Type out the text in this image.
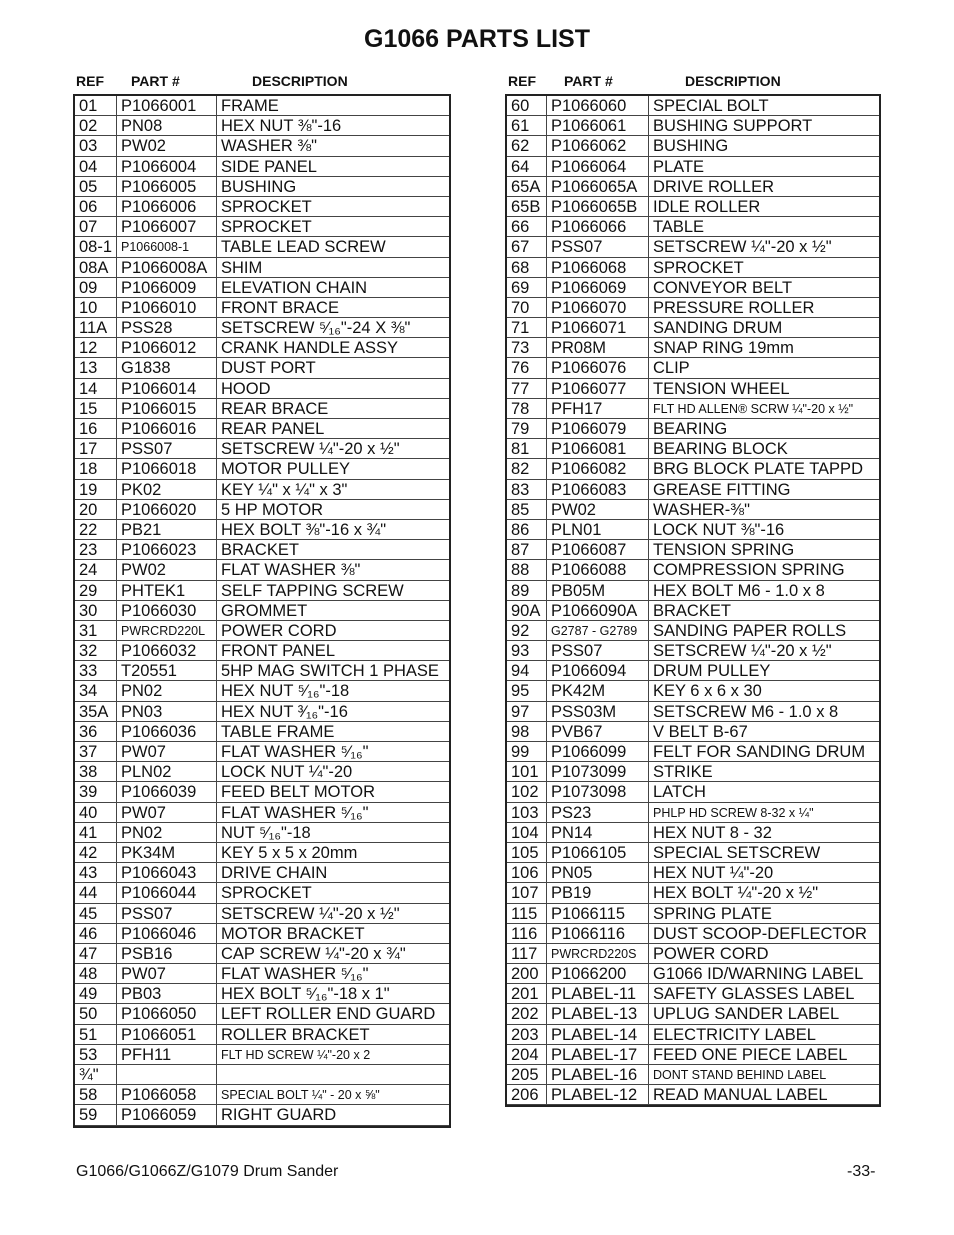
G1066 PARTS LIST
REF PART #	DESCRIPTION	REF PART #	DESCRIPTION
01	P1066001	FRAME
02	PN08	HEX NUT ⅜"-16
03	PW02	WASHER ⅜"
04	P1066004	SIDE PANEL
05	P1066005	BUSHING
06	P1066006	SPROCKET
07	P1066007	SPROCKET
08-1 P1066008-1	TABLE LEAD SCREW
08A P1066008A SHIM
09	P1066009	ELEVATION CHAIN
10	P1066010	FRONT BRACE
11A PSS28	SETSCREW ⁵⁄₁₆"-24 X ⅜"
12	P1066012	CRANK HANDLE ASSY
13	G1838	DUST PORT
14	P1066014	HOOD
15	P1066015	REAR BRACE
16	P1066016	REAR PANEL
17	PSS07	SETSCREW ¼"-20 x ½"
18	P1066018	MOTOR PULLEY
19	PK02	KEY ¼" x ¼" x 3"
20	P1066020	5 HP MOTOR
22	PB21	HEX BOLT ⅜"-16 x ¾"
23	P1066023	BRACKET
24	PW02	FLAT WASHER ⅜"
29	PHTEK1	SELF TAPPING SCREW
30	P1066030	GROMMET
31	PWRCRD220L POWER CORD
32	P1066032	FRONT PANEL
33	T20551	5HP MAG SWITCH 1 PHASE
34	PN02	HEX NUT ⁵⁄₁₆"-18
35A PN03	HEX NUT ³⁄₁₆"-16
36	P1066036	TABLE FRAME
37	PW07	FLAT WASHER ⁵⁄₁₆"
38	PLN02	LOCK NUT ¼"-20
39	P1066039	FEED BELT MOTOR
40	PW07	FLAT WASHER ⁵⁄₁₆"
41	PN02	NUT ⁵⁄₁₆"-18
42	PK34M	KEY 5 x 5 x 20mm
43	P1066043	DRIVE CHAIN
44	P1066044	SPROCKET
45	PSS07	SETSCREW ¼"-20 x ½"
46	P1066046	MOTOR BRACKET
47	PSB16	CAP SCREW ¼"-20 x ¾"
48	PW07	FLAT WASHER ⁵⁄₁₆"
49	PB03	HEX BOLT ⁵⁄₁₆"-18 x 1"
50	P1066050	LEFT ROLLER END GUARD
51	P1066051	ROLLER BRACKET
53	PFH11	FLT HD SCREW ¼"-20 x 2
¾"
58	P1066058	SPECIAL BOLT ¼" - 20 x ⅝"
59	P1066059	RIGHT GUARD
60	P1066060	SPECIAL BOLT
61	P1066061	BUSHING SUPPORT
62	P1066062	BUSHING
64	P1066064	PLATE
65A P1066065A DRIVE ROLLER
65B P1066065B IDLE ROLLER
66	P1066066	TABLE
67	PSS07	SETSCREW ¼"-20 x ½"
68	P1066068	SPROCKET
69	P1066069	CONVEYOR BELT
70	P1066070	PRESSURE ROLLER
71	P1066071	SANDING DRUM
73	PR08M	SNAP RING 19mm
76	P1066076	CLIP
77	P1066077	TENSION WHEEL
78	PFH17	FLT HD ALLEN® SCRW ¼"-20 x ½"
79	P1066079	BEARING
81	P1066081	BEARING BLOCK
82	P1066082	BRG BLOCK PLATE TAPPD
83	P1066083	GREASE FITTING
85	PW02	WASHER-⅜"
86	PLN01	LOCK NUT ⅜"-16
87	P1066087	TENSION SPRING
88	P1066088	COMPRESSION SPRING
89	PB05M	HEX BOLT M6 - 1.0 x 8
90A P1066090A BRACKET
92	G2787 - G2789 SANDING PAPER ROLLS
93	PSS07	SETSCREW ¼"-20 x ½"
94	P1066094	DRUM PULLEY
95	PK42M	KEY 6 x 6 x 30
97	PSS03M	SETSCREW M6 - 1.0 x 8
98	PVB67	V BELT B-67
99	P1066099	FELT FOR SANDING DRUM
101 P1073099	STRIKE
102 P1073098	LATCH
103 PS23	PHLP HD SCREW 8-32 x ¼"
104 PN14	HEX NUT 8 - 32
105 P1066105	SPECIAL SETSCREW
106 PN05	HEX NUT ¼"-20
107 PB19	HEX BOLT ¼"-20 x ½"
115 P1066115	SPRING PLATE
116 P1066116	DUST SCOOP-DEFLECTOR
117	PWRCRD220S	POWER CORD
200 P1066200	G1066 ID/WARNING LABEL
201 PLABEL-11	SAFETY GLASSES LABEL
202 PLABEL-13 UPLUG SANDER LABEL
203 PLABEL-14 ELECTRICITY LABEL
204 PLABEL-17 FEED ONE PIECE LABEL
205 PLABEL-16	DONT STAND BEHIND LABEL
206 PLABEL-12 READ MANUAL LABEL
G1066/G1066Z/G1079 Drum Sander	-33-
